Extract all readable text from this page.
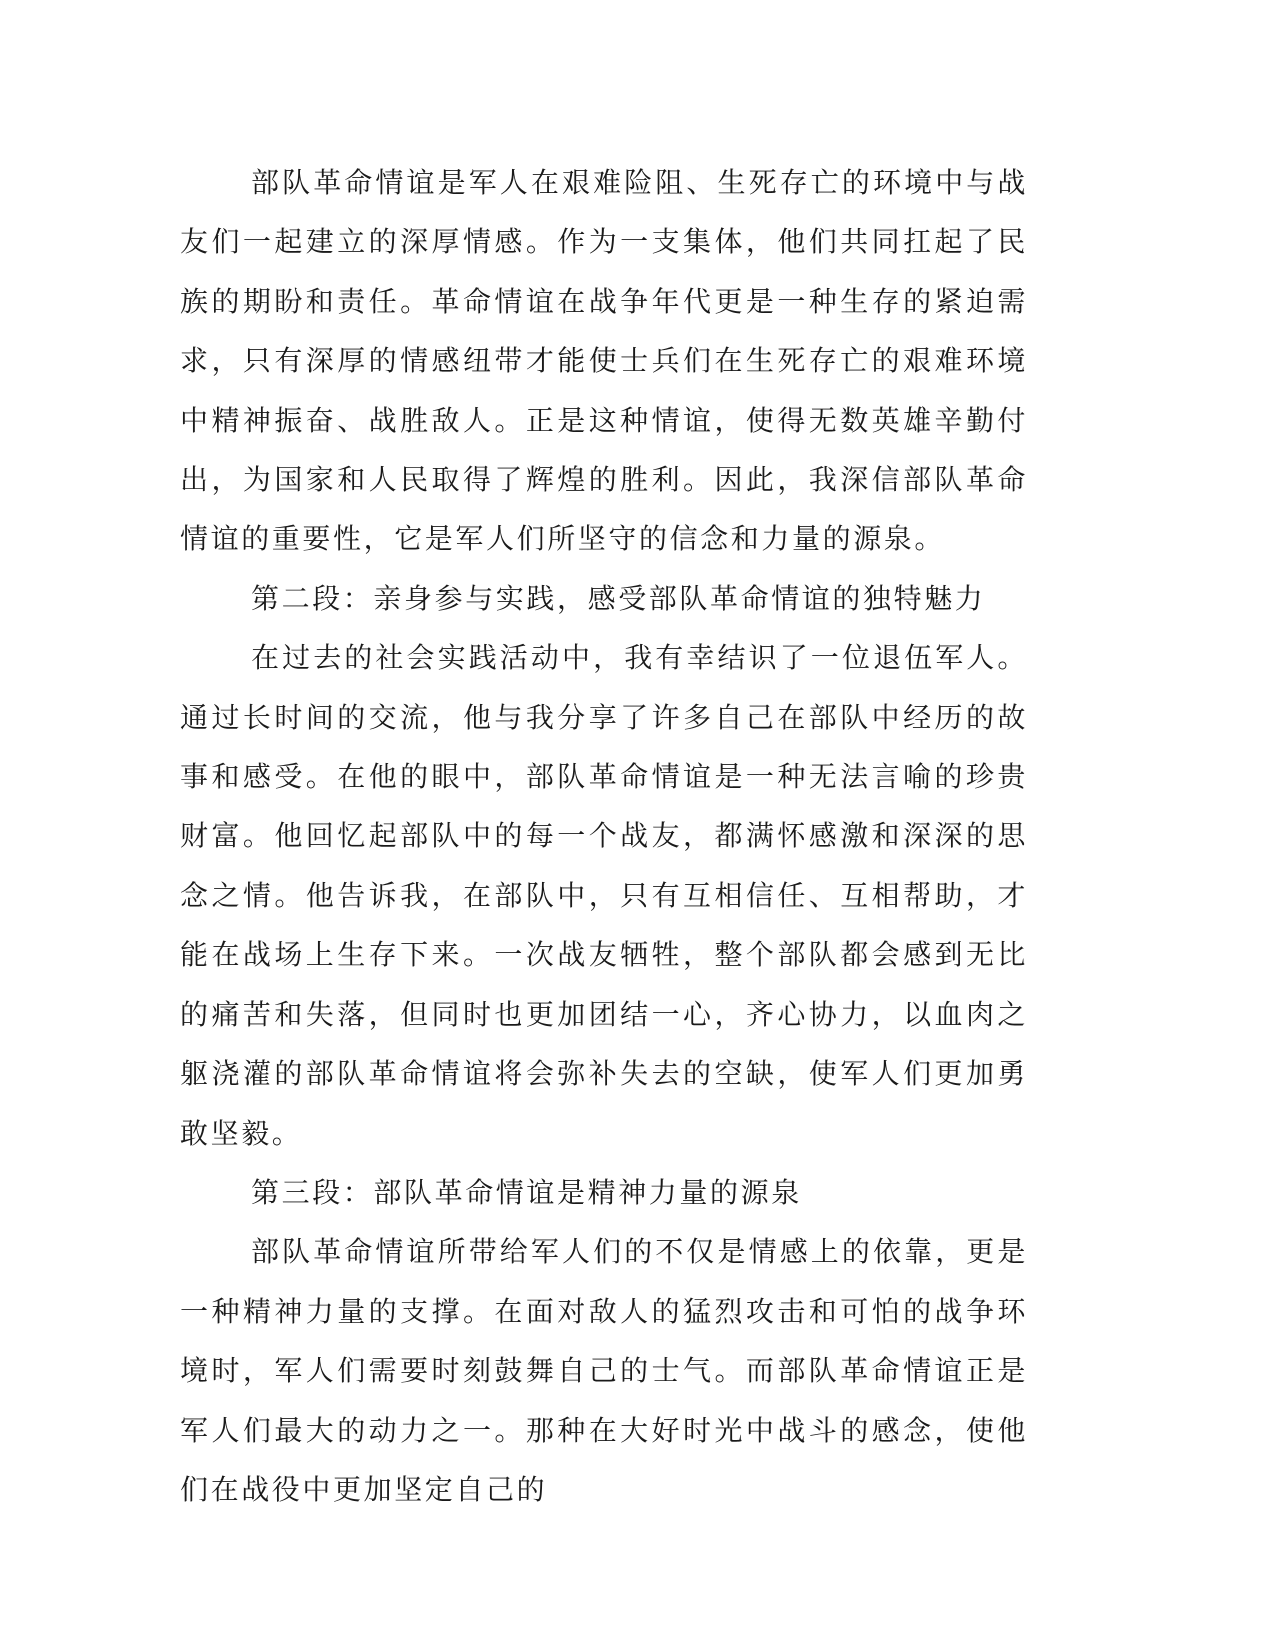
部队革命情谊是军人在艰难险阻、生死存亡的环境中与战友们一起建立的深厚情感。作为一支集体，他们共同扛起了民族的期盼和责任。革命情谊在战争年代更是一种生存的紧迫需求，只有深厚的情感纽带才能使士兵们在生死存亡的艰难环境中精神振奋、战胜敌人。正是这种情谊，使得无数英雄辛勤付出，为国家和人民取得了辉煌的胜利。因此，我深信部队革命情谊的重要性，它是军人们所坚守的信念和力量的源泉。

第二段：亲身参与实践，感受部队革命情谊的独特魅力

在过去的社会实践活动中，我有幸结识了一位退伍军人。通过长时间的交流，他与我分享了许多自己在部队中经历的故事和感受。在他的眼中，部队革命情谊是一种无法言喻的珍贵财富。他回忆起部队中的每一个战友，都满怀感激和深深的思念之情。他告诉我，在部队中，只有互相信任、互相帮助，才能在战场上生存下来。一次战友牺牲，整个部队都会感到无比的痛苦和失落，但同时也更加团结一心，齐心协力，以血肉之躯浇灌的部队革命情谊将会弥补失去的空缺，使军人们更加勇敢坚毅。

第三段：部队革命情谊是精神力量的源泉

部队革命情谊所带给军人们的不仅是情感上的依靠，更是一种精神力量的支撑。在面对敌人的猛烈攻击和可怕的战争环境时，军人们需要时刻鼓舞自己的士气。而部队革命情谊正是军人们最大的动力之一。那种在大好时光中战斗的感念，使他们在战役中更加坚定自己的
